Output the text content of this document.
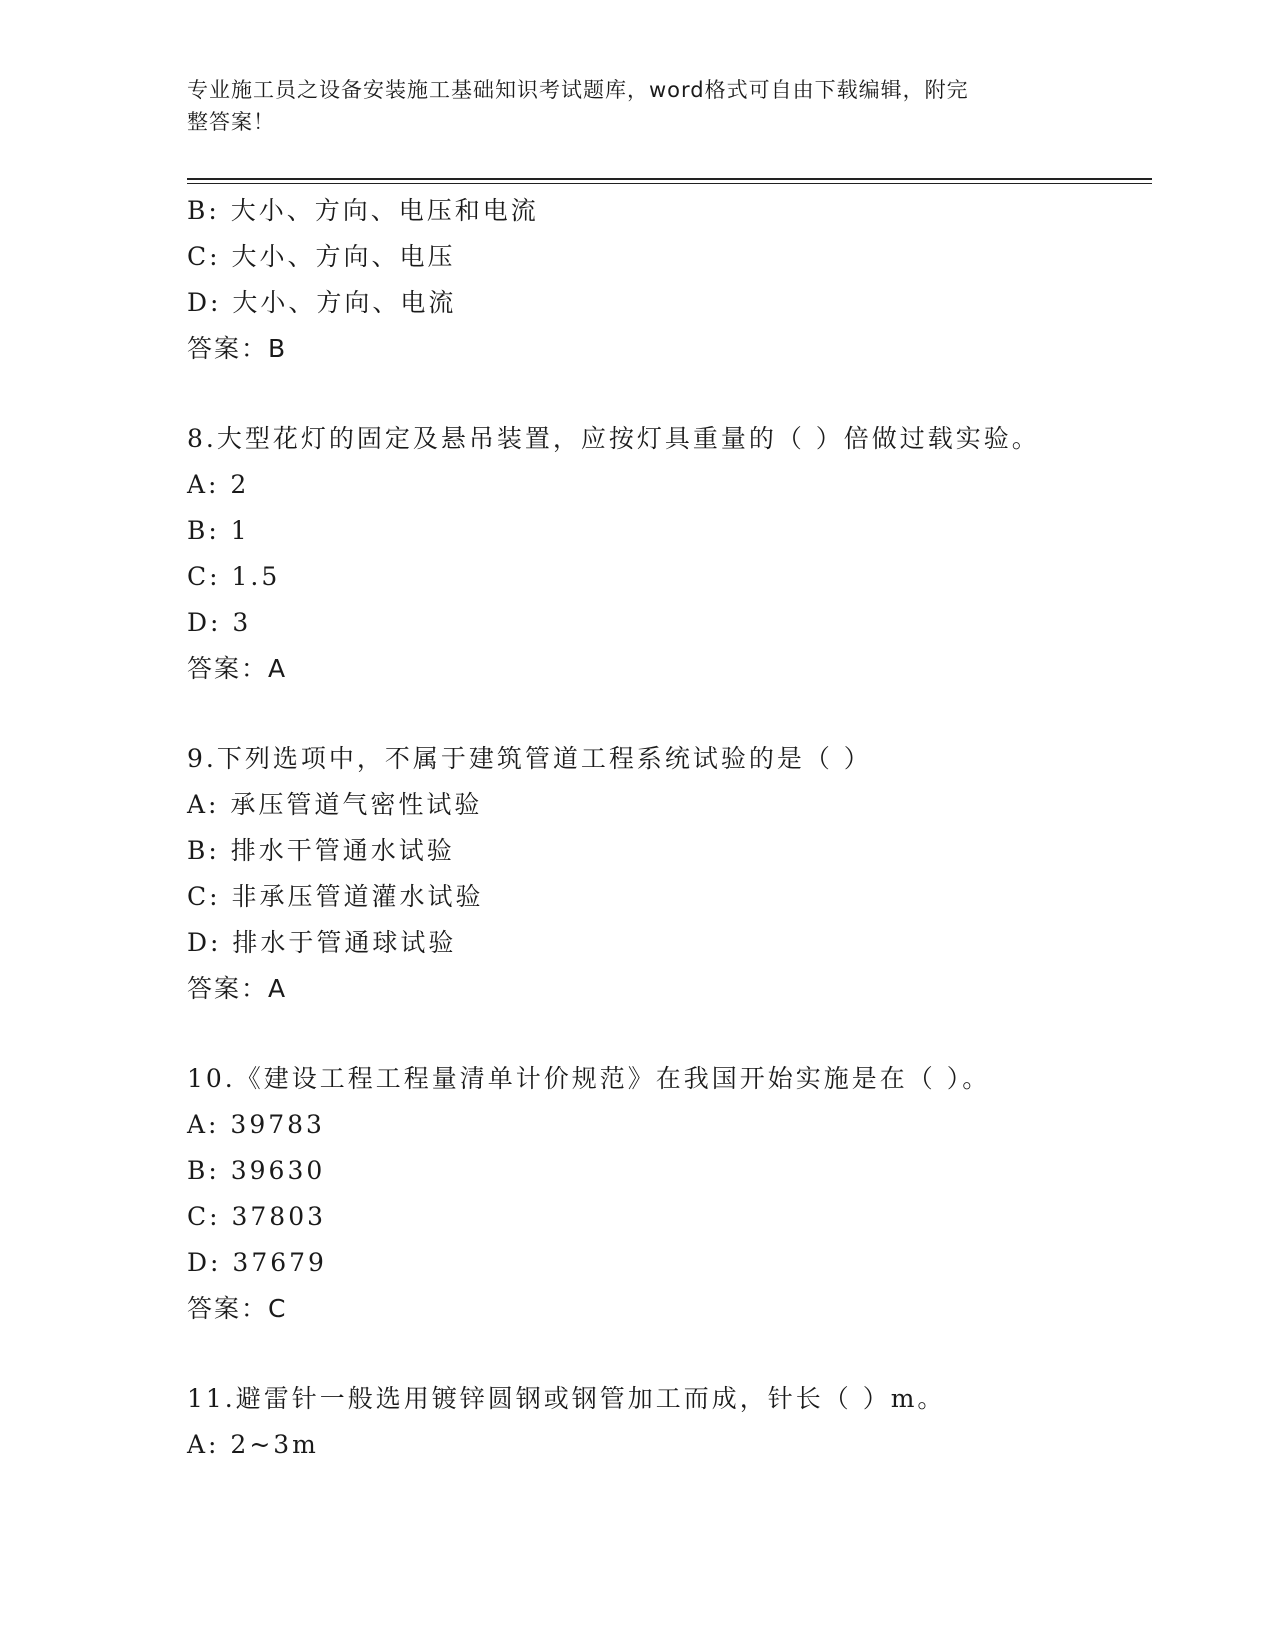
专业施工员之设备安装施工基础知识考试题库，word格式可自由下载编辑，附完
整答案！
B: 大小、方向、电压和电流
C: 大小、方向、电压
D: 大小、方向、电流
答案：B
8.大型花灯的固定及悬吊装置，应按灯具重量的（ ）倍做过载实验。
A: 2
B: 1
C: 1.5
D: 3
答案：A
9.下列选项中，不属于建筑管道工程系统试验的是（ ）
A: 承压管道气密性试验
B: 排水干管通水试验
C: 非承压管道灌水试验
D: 排水于管通球试验
答案：A
10.《建设工程工程量清单计价规范》在我国开始实施是在（ ）。
A: 39783
B: 39630
C: 37803
D: 37679
答案：C
11.避雷针一般选用镀锌圆钢或钢管加工而成，针长（ ）m。
A: 2~3m
